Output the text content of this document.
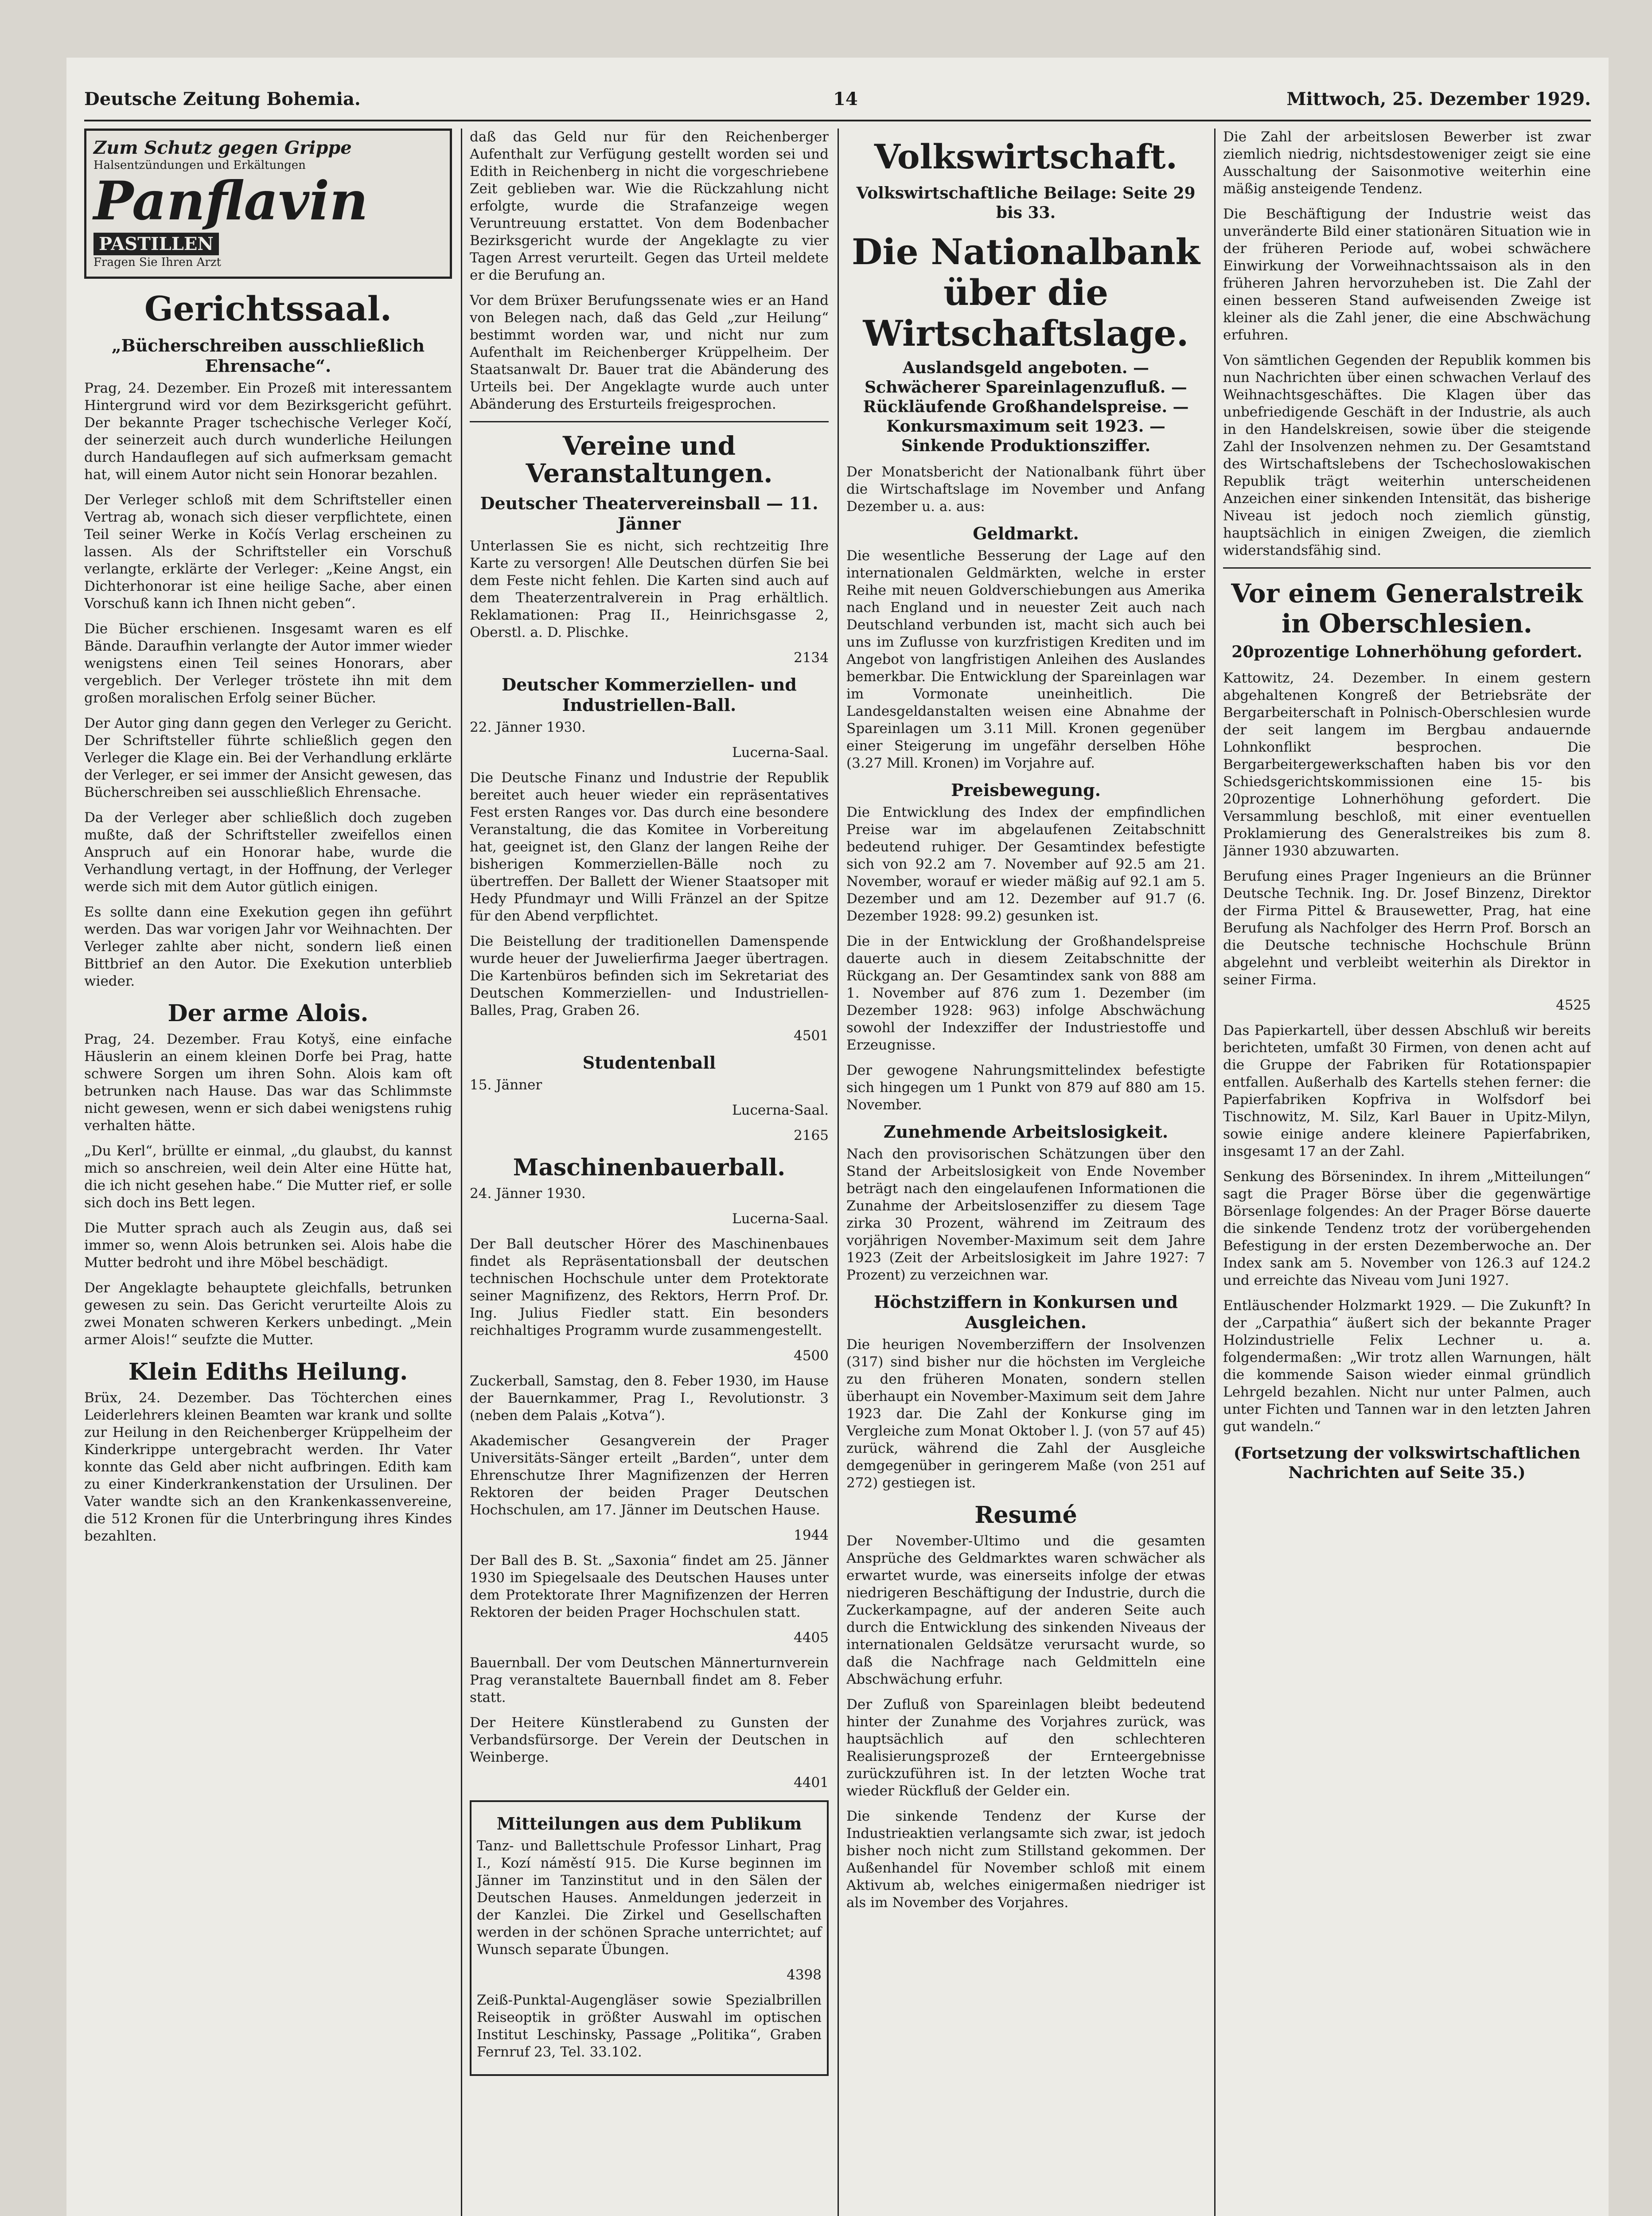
Deutsche Zeitung Bohemia.	14	Mittwoch, 25. Dezember 1929.
Zum Schutz gegen Grippe
Halsentzündungen und Erkältungen
Panflavin
PASTILLEN
Fragen Sie Ihren Arzt
Gerichtssaal.
„Bücherschreiben ausschließlich Ehrensache“.

Prag, 24. Dezember. Ein Prozeß mit interessantem Hintergrund wird vor dem Bezirksgericht geführt. Der bekannte Prager tschechische Verleger Kočí, der seinerzeit auch durch wunderliche Heilungen durch Handauflegen auf sich aufmerksam gemacht hat, will einem Autor nicht sein Honorar bezahlen.

Der Verleger schloß mit dem Schriftsteller einen Vertrag ab, wonach sich dieser verpflichtete, einen Teil seiner Werke in Kočís Verlag erscheinen zu lassen. Als der Schriftsteller ein Vorschuß verlangte, erklärte der Verleger: „Keine Angst, ein Dichterhonorar ist eine heilige Sache, aber einen Vorschuß kann ich Ihnen nicht geben“.

Die Bücher erschienen. Insgesamt waren es elf Bände. Daraufhin verlangte der Autor immer wieder wenigstens einen Teil seines Honorars, aber vergeblich. Der Verleger tröstete ihn mit dem großen moralischen Erfolg seiner Bücher.

Der Autor ging dann gegen den Verleger zu Gericht. Der Schriftsteller führte schließlich gegen den Verleger die Klage ein. Bei der Verhandlung erklärte der Verleger, er sei immer der Ansicht gewesen, das Bücherschreiben sei ausschließlich Ehrensache.

Da der Verleger aber schließlich doch zugeben mußte, daß der Schriftsteller zweifellos einen Anspruch auf ein Honorar habe, wurde die Verhandlung vertagt, in der Hoffnung, der Verleger werde sich mit dem Autor gütlich einigen.

Es sollte dann eine Exekution gegen ihn geführt werden. Das war vorigen Jahr vor Weihnachten. Der Verleger zahlte aber nicht, sondern ließ einen Bittbrief an den Autor. Die Exekution unterblieb wieder.

Der arme Alois.

Prag, 24. Dezember. Frau Kotyš, eine einfache Häuslerin an einem kleinen Dorfe bei Prag, hatte schwere Sorgen um ihren Sohn. Alois kam oft betrunken nach Hause. Das war das Schlimmste nicht gewesen, wenn er sich dabei wenigstens ruhig verhalten hätte.

„Du Kerl“, brüllte er einmal, „du glaubst, du kannst mich so anschreien, weil dein Alter eine Hütte hat, die ich nicht gesehen habe.“ Die Mutter rief, er solle sich doch ins Bett legen.

Die Mutter sprach auch als Zeugin aus, daß sei immer so, wenn Alois betrunken sei. Alois habe die Mutter bedroht und ihre Möbel beschädigt.

Der Angeklagte behauptete gleichfalls, betrunken gewesen zu sein. Das Gericht verurteilte Alois zu zwei Monaten schweren Kerkers unbedingt. „Mein armer Alois!“ seufzte die Mutter.

Klein Ediths Heilung.

Brüx, 24. Dezember. Das Töchterchen eines Leiderlehrers kleinen Beamten war krank und sollte zur Heilung in den Reichenberger Krüppelheim der Kinderkrippe untergebracht werden. Ihr Vater konnte das Geld aber nicht aufbringen. Edith kam zu einer Kinderkrankenstation der Ursulinen. Der Vater wandte sich an den Krankenkassenvereine, die 512 Kronen für die Unterbringung ihres Kindes bezahlten.

daß das Geld nur für den Reichenberger Aufenthalt zur Verfügung gestellt worden sei und Edith in Reichenberg in nicht die vorgeschriebene Zeit geblieben war. Wie die Rückzahlung nicht erfolgte, wurde die Strafanzeige wegen Veruntreuung erstattet. Von dem Bodenbacher Bezirksgericht wurde der Angeklagte zu vier Tagen Arrest verurteilt. Gegen das Urteil meldete er die Berufung an.

Vor dem Brüxer Berufungssenate wies er an Hand von Belegen nach, daß das Geld „zur Heilung“ bestimmt worden war, und nicht nur zum Aufenthalt im Reichenberger Krüppelheim. Der Staatsanwalt Dr. Bauer trat die Abänderung des Urteils bei. Der Angeklagte wurde auch unter Abänderung des Ersturteils freigesprochen.

Vereine und Veranstaltungen.
Deutscher Theatervereinsball — 11. Jänner

Unterlassen Sie es nicht, sich rechtzeitig Ihre Karte zu versorgen! Alle Deutschen dürfen Sie bei dem Feste nicht fehlen. Die Karten sind auch auf dem Theaterzentralverein in Prag erhältlich. Reklamationen: Prag II., Heinrichsgasse 2, Oberstl. a. D. Plischke.

2134

Deutscher Kommerziellen- und Industriellen-Ball.

22. Jänner 1930.

Lucerna-Saal.

Die Deutsche Finanz und Industrie der Republik bereitet auch heuer wieder ein repräsentatives Fest ersten Ranges vor. Das durch eine besondere Veranstaltung, die das Komitee in Vorbereitung hat, geeignet ist, den Glanz der langen Reihe der bisherigen Kommerziellen-Bälle noch zu übertreffen. Der Ballett der Wiener Staatsoper mit Hedy Pfundmayr und Willi Fränzel an der Spitze für den Abend verpflichtet.

Die Beistellung der traditionellen Damenspende wurde heuer der Juwelierfirma Jaeger übertragen. Die Kartenbüros befinden sich im Sekretariat des Deutschen Kommerziellen- und Industriellen-Balles, Prag, Graben 26.

4501

Studentenball

15. Jänner

Lucerna-Saal.

2165

Maschinenbauerball.

24. Jänner 1930.

Lucerna-Saal.

Der Ball deutscher Hörer des Maschinenbaues findet als Repräsentationsball der deutschen technischen Hochschule unter dem Protektorate seiner Magnifizenz, des Rektors, Herrn Prof. Dr. Ing. Julius Fiedler statt. Ein besonders reichhaltiges Programm wurde zusammengestellt.

4500

Zuckerball, Samstag, den 8. Feber 1930, im Hause der Bauernkammer, Prag I., Revolutionstr. 3 (neben dem Palais „Kotva“).

Akademischer Gesangverein der Prager Universitäts-Sänger erteilt „Barden“, unter dem Ehrenschutze Ihrer Magnifizenzen der Herren Rektoren der beiden Prager Deutschen Hochschulen, am 17. Jänner im Deutschen Hause.

1944

Der Ball des B. St. „Saxonia“ findet am 25. Jänner 1930 im Spiegelsaale des Deutschen Hauses unter dem Protektorate Ihrer Magnifizenzen der Herren Rektoren der beiden Prager Hochschulen statt.

4405

Bauernball. Der vom Deutschen Männerturnverein Prag veranstaltete Bauernball findet am 8. Feber statt.

Der Heitere Künstlerabend zu Gunsten der Verbandsfürsorge. Der Verein der Deutschen in Weinberge.

4401

Mitteilungen aus dem Publikum

Tanz- und Ballettschule Professor Linhart, Prag I., Kozí náměstí 915. Die Kurse beginnen im Jänner im Tanzinstitut und in den Sälen der Deutschen Hauses. Anmeldungen jederzeit in der Kanzlei. Die Zirkel und Gesellschaften werden in der schönen Sprache unterrichtet; auf Wunsch separate Übungen.

4398

Zeiß-Punktal-Augengläser sowie Spezialbrillen Reiseoptik in größter Auswahl im optischen Institut Leschinsky, Passage „Politika“, Graben Fernruf 23, Tel. 33.102.

Volkswirtschaft.
Volkswirtschaftliche Beilage: Seite 29 bis 33.
Die Nationalbank über die Wirtschaftslage.
Auslandsgeld angeboten. — Schwächerer Spareinlagenzufluß. — Rückläufende Großhandelspreise. — Konkursmaximum seit 1923. — Sinkende Produktionsziffer.

Der Monatsbericht der Nationalbank führt über die Wirtschaftslage im November und Anfang Dezember u. a. aus:

Geldmarkt.

Die wesentliche Besserung der Lage auf den internationalen Geldmärkten, welche in erster Reihe mit neuen Goldverschiebungen aus Amerika nach England und in neuester Zeit auch nach Deutschland verbunden ist, macht sich auch bei uns im Zuflusse von kurzfristigen Krediten und im Angebot von langfristigen Anleihen des Auslandes bemerkbar. Die Entwicklung der Spareinlagen war im Vormonate uneinheitlich. Die Landesgeldanstalten weisen eine Abnahme der Spareinlagen um 3.11 Mill. Kronen gegenüber einer Steigerung im ungefähr derselben Höhe (3.27 Mill. Kronen) im Vorjahre auf.

Preisbewegung.

Die Entwicklung des Index der empfindlichen Preise war im abgelaufenen Zeitabschnitt bedeutend ruhiger. Der Gesamtindex befestigte sich von 92.2 am 7. November auf 92.5 am 21. November, worauf er wieder mäßig auf 92.1 am 5. Dezember und am 12. Dezember auf 91.7 (6. Dezember 1928: 99.2) gesunken ist.

Die in der Entwicklung der Großhandelspreise dauerte auch in diesem Zeitabschnitte der Rückgang an. Der Gesamtindex sank von 888 am 1. November auf 876 zum 1. Dezember (im Dezember 1928: 963) infolge Abschwächung sowohl der Indexziffer der Industriestoffe und Erzeugnisse.

Der gewogene Nahrungsmittelindex befestigte sich hingegen um 1 Punkt von 879 auf 880 am 15. November.

Zunehmende Arbeitslosigkeit.

Nach den provisorischen Schätzungen über den Stand der Arbeitslosigkeit von Ende November beträgt nach den eingelaufenen Informationen die Zunahme der Arbeitslosenziffer zu diesem Tage zirka 30 Prozent, während im Zeitraum des vorjährigen November-Maximum seit dem Jahre 1923 (Zeit der Arbeitslosigkeit im Jahre 1927: 7 Prozent) zu verzeichnen war.

Höchstziffern in Konkursen und Ausgleichen.

Die heurigen Novemberziffern der Insolvenzen (317) sind bisher nur die höchsten im Vergleiche zu den früheren Monaten, sondern stellen überhaupt ein November-Maximum seit dem Jahre 1923 dar. Die Zahl der Konkurse ging im Vergleiche zum Monat Oktober l. J. (von 57 auf 45) zurück, während die Zahl der Ausgleiche demgegenüber in geringerem Maße (von 251 auf 272) gestiegen ist.

Resumé

Der November-Ultimo und die gesamten Ansprüche des Geldmarktes waren schwächer als erwartet wurde, was einerseits infolge der etwas niedrigeren Beschäftigung der Industrie, durch die Zuckerkampagne, auf der anderen Seite auch durch die Entwicklung des sinkenden Niveaus der internationalen Geldsätze verursacht wurde, so daß die Nachfrage nach Geldmitteln eine Abschwächung erfuhr.

Der Zufluß von Spareinlagen bleibt bedeutend hinter der Zunahme des Vorjahres zurück, was hauptsächlich auf den schlechteren Realisierungsprozeß der Ernteergebnisse zurückzuführen ist. In der letzten Woche trat wieder Rückfluß der Gelder ein.

Die sinkende Tendenz der Kurse der Industrieaktien verlangsamte sich zwar, ist jedoch bisher noch nicht zum Stillstand gekommen. Der Außenhandel für November schloß mit einem Aktivum ab, welches einigermaßen niedriger ist als im November des Vorjahres.

Die Zahl der arbeitslosen Bewerber ist zwar ziemlich niedrig, nichtsdestoweniger zeigt sie eine Ausschaltung der Saisonmotive weiterhin eine mäßig ansteigende Tendenz.

Die Beschäftigung der Industrie weist das unveränderte Bild einer stationären Situation wie in der früheren Periode auf, wobei schwächere Einwirkung der Vorweihnachtssaison als in den früheren Jahren hervorzuheben ist. Die Zahl der einen besseren Stand aufweisenden Zweige ist kleiner als die Zahl jener, die eine Abschwächung erfuhren.

Von sämtlichen Gegenden der Republik kommen bis nun Nachrichten über einen schwachen Verlauf des Weihnachtsgeschäftes. Die Klagen über das unbefriedigende Geschäft in der Industrie, als auch in den Handelskreisen, sowie über die steigende Zahl der Insolvenzen nehmen zu. Der Gesamtstand des Wirtschaftslebens der Tschechoslowakischen Republik trägt weiterhin unterscheidenen Anzeichen einer sinkenden Intensität, das bisherige Niveau ist jedoch noch ziemlich günstig, hauptsächlich in einigen Zweigen, die ziemlich widerstandsfähig sind.

Vor einem Generalstreik in Oberschlesien.
20prozentige Lohnerhöhung gefordert.

Kattowitz, 24. Dezember. In einem gestern abgehaltenen Kongreß der Betriebsräte der Bergarbeiterschaft in Polnisch-Oberschlesien wurde der seit langem im Bergbau andauernde Lohnkonflikt besprochen. Die Bergarbeitergewerkschaften haben bis vor den Schiedsgerichtskommissionen eine 15- bis 20prozentige Lohnerhöhung gefordert. Die Versammlung beschloß, mit einer eventuellen Proklamierung des Generalstreikes bis zum 8. Jänner 1930 abzuwarten.

Berufung eines Prager Ingenieurs an die Brünner Deutsche Technik. Ing. Dr. Josef Binzenz, Direktor der Firma Pittel & Brausewetter, Prag, hat eine Berufung als Nachfolger des Herrn Prof. Borsch an die Deutsche technische Hochschule Brünn abgelehnt und verbleibt weiterhin als Direktor in seiner Firma.

4525

Das Papierkartell, über dessen Abschluß wir bereits berichteten, umfaßt 30 Firmen, von denen acht auf die Gruppe der Fabriken für Rotationspapier entfallen. Außerhalb des Kartells stehen ferner: die Papierfabriken Kopfriva in Wolfsdorf bei Tischnowitz, M. Silz, Karl Bauer in Upitz-Milyn, sowie einige andere kleinere Papierfabriken, insgesamt 17 an der Zahl.

Senkung des Börsenindex. In ihrem „Mitteilungen“ sagt die Prager Börse über die gegenwärtige Börsenlage folgendes: An der Prager Börse dauerte die sinkende Tendenz trotz der vorübergehenden Befestigung in der ersten Dezemberwoche an. Der Index sank am 5. November von 126.3 auf 124.2 und erreichte das Niveau vom Juni 1927.

Entläuschender Holzmarkt 1929. — Die Zukunft? In der „Carpathia“ äußert sich der bekannte Prager Holzindustrielle Felix Lechner u. a. folgendermaßen: „Wir trotz allen Warnungen, hält die kommende Saison wieder einmal gründlich Lehrgeld bezahlen. Nicht nur unter Palmen, auch unter Fichten und Tannen war in den letzten Jahren gut wandeln.“

(Fortsetzung der volkswirtschaftlichen Nachrichten auf Seite 35.)
